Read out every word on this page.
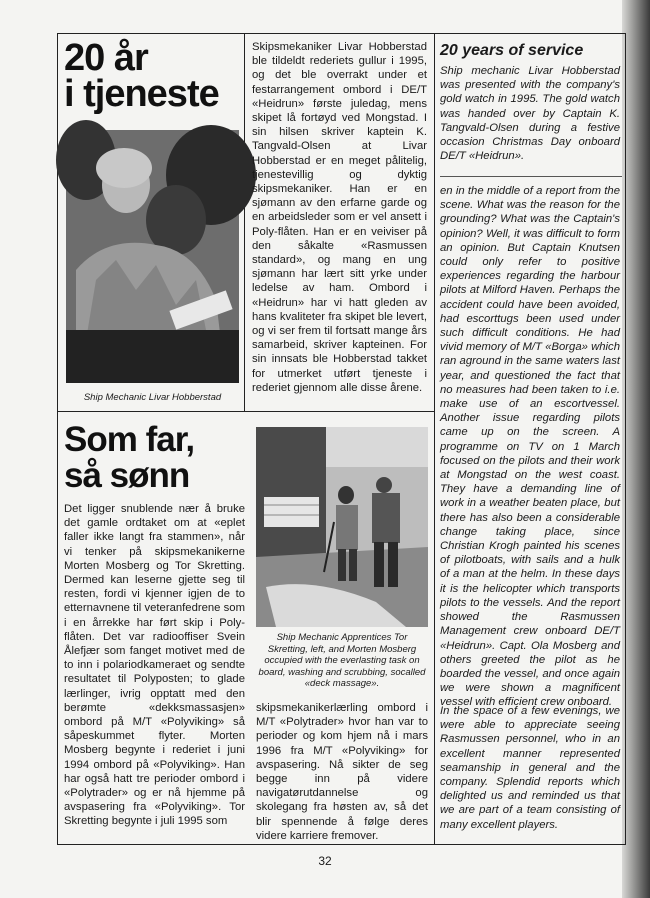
20 år
i tjeneste

Ship Mechanic Livar Hobberstad

Skipsmekaniker Livar Hobberstad ble tildeldt rederiets gullur i 1995, og det ble overrakt under et festarrangement ombord i DE/T «Heidrun» første juledag, mens skipet lå fortøyd ved Mongstad. I sin hilsen skriver kaptein K. Tangvald-Olsen at Livar Hobberstad er en meget pålitelig, tjenestevillig og dyktig skipsmekaniker. Han er en sjømann av den erfarne garde og en arbeidsleder som er vel ansett i Poly-flåten. Han er en veiviser på den såkalte «Rasmussen standard», og mang en ung sjømann har lært sitt yrke under ledelse av ham. Ombord i «Heidrun» har vi hatt gleden av hans kvaliteter fra skipet ble levert, og vi ser frem til fortsatt mange års samarbeid, skriver kapteinen. For sin innsats ble Hobberstad takket for utmerket utført tjeneste i rederiet gjennom alle disse årene.

20 years of service

Ship mechanic Livar Hobberstad was presented with the company's gold watch in 1995. The gold watch was handed over by Captain K. Tangvald-Olsen during a festive occasion Christmas Day onboard DE/T «Heidrun».

en in the middle of a report from the scene. What was the reason for the grounding? What was the Captain's opinion? Well, it was difficult to form an opinion. But Captain Knutsen could only refer to positive experiences regarding the harbour pilots at Milford Haven. Perhaps the accident could have been avoided, had escorttugs been used under such difficult conditions. He had vivid memory of M/T «Borga» which ran aground in the same waters last year, and questioned the fact that no measures had been taken to i.e. make use of an escortvessel. Another issue regarding pilots came up on the screen. A programme on TV on 1 March focused on the pilots and their work at Mongstad on the west coast. They have a demanding line of work in a weather beaten place, but there has also been a considerable change taking place, since Christian Krogh painted his scenes of pilotboats, with sails and a hulk of a man at the helm. In these days it is the helicopter which transports pilots to the vessels. And the report showed the Rasmussen Management crew onboard DE/T «Heidrun». Capt. Ola Mosberg and others greeted the pilot as he boarded the vessel, and once again we were shown a magnificent vessel with efficient crew onboard.

In the space of a few evenings, we were able to appreciate seeing Rasmussen personnel, who in an excellent manner represented seamanship in general and the company. Splendid reports which delighted us and reminded us that we are part of a team consisting of many excellent players.

Som far,
så sønn

Det ligger snublende nær å bruke det gamle ordtaket om at «eplet faller ikke langt fra stammen», når vi tenker på skipsmekanikerne Morten Mosberg og Tor Skretting. Dermed kan leserne gjette seg til resten, fordi vi kjenner igjen de to etternavnene til veteranfedrene som i en årrekke har ført skip i Poly-flåten. Det var radiooffiser Svein Ålefjær som fanget motivet med de to inn i polariodkameraet og sendte resultatet til Polyposten; to glade lærlinger, ivrig opptatt med den berømte «dekksmassasjen» ombord på M/T «Polyviking» så såpeskummet flyter. Morten Mosberg begynte i rederiet i juni 1994 ombord på «Polyviking». Han har også hatt tre perioder ombord i «Polytrader» og er nå hjemme på avspasering fra «Polyviking». Tor Skretting begynte i juli 1995 som

Ship Mechanic Apprentices Tor Skretting, left, and Morten Mosberg occupied with the everlasting task on board, washing and scrubbing, socalled «deck massage».

skipsmekanikerlærling ombord i M/T «Polytrader» hvor han var to perioder og kom hjem nå i mars 1996 fra M/T «Polyviking» for avspasering. Nå sikter de seg begge inn på videre navigatørutdannelse og skolegang fra høsten av, så det blir spennende å følge deres videre karriere fremover.

32
